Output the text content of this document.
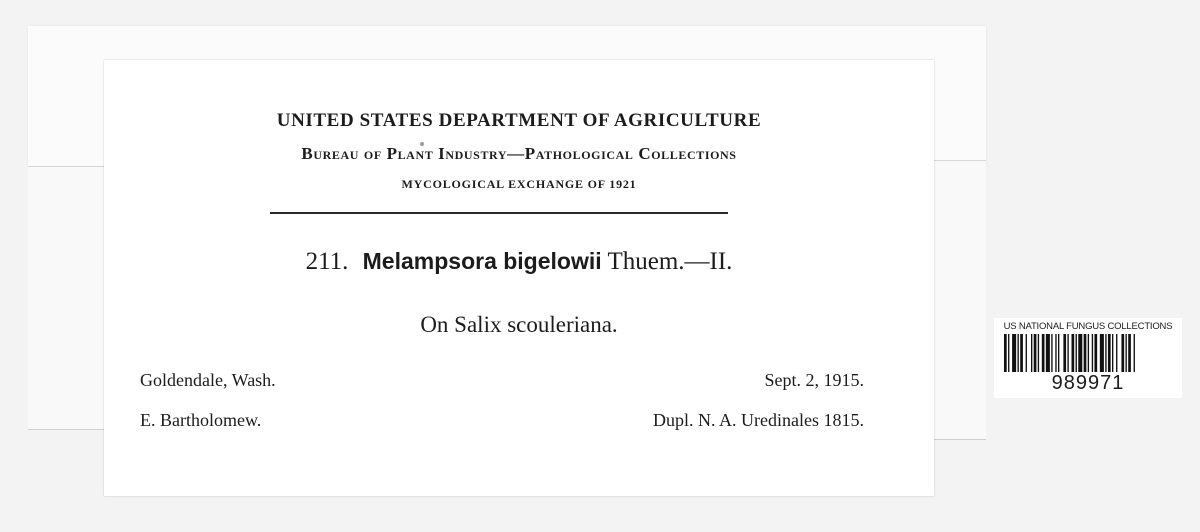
UNITED STATES DEPARTMENT OF AGRICULTURE
Bureau of Plant Industry—Pathological Collections
MYCOLOGICAL EXCHANGE OF 1921
211. Melampsora bigelowii Thuem.—II.
On Salix scouleriana.
Goldendale, Wash.	Sept. 2, 1915.
E. Bartholomew.	Dupl. N. A. Uredinales 1815.
US NATIONAL FUNGUS COLLECTIONS
989971
